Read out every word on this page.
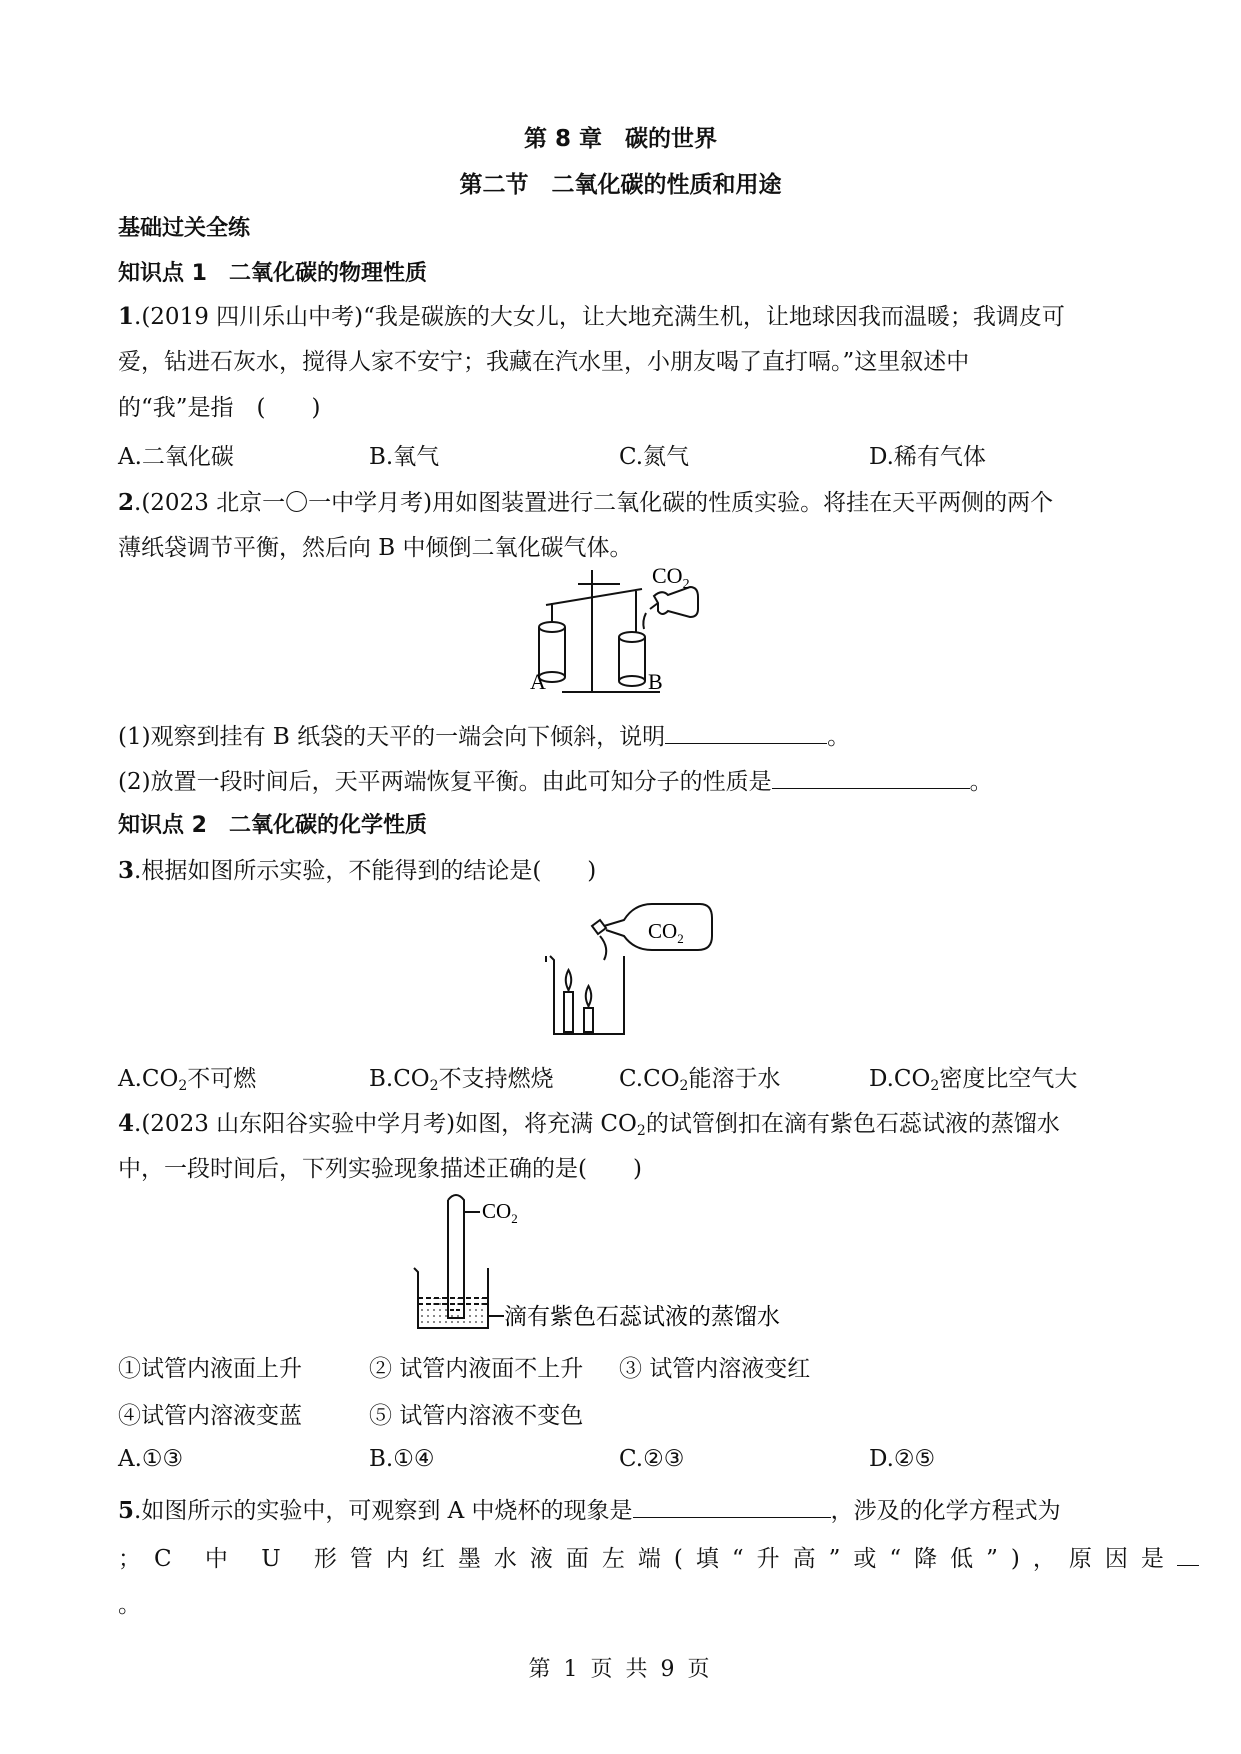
第 8 章　碳的世界
第二节　二氧化碳的性质和用途
基础过关全练
知识点 1　二氧化碳的物理性质
1.(2019 四川乐山中考)“我是碳族的大女儿，让大地充满生机，让地球因我而温暖；我调皮可
爱，钻进石灰水，搅得人家不安宁；我藏在汽水里，小朋友喝了直打嗝。”这里叙述中
的“我”是指　(　　)
A.二氧化碳	B.氧气	C.氮气	D.稀有气体
2.(2023 北京一〇一中学月考)用如图装置进行二氧化碳的性质实验。将挂在天平两侧的两个
薄纸袋调节平衡，然后向 B 中倾倒二氧化碳气体。
$CO_2$
A	B
(1)观察到挂有 B 纸袋的天平的一端会向下倾斜，说明	。
(2)放置一段时间后，天平两端恢复平衡。由此可知分子的性质是	。
知识点 2　二氧化碳的化学性质
3.根据如图所示实验，不能得到的结论是(　　)
$CO_2$
$A.CO_2$不可燃	$B.CO_2$不支持燃烧	$C.CO_2$能溶于水	$D.CO_2$密度比空气大
4.(2023 山东阳谷实验中学月考)如图，将充满 $CO_2$的试管倒扣在滴有紫色石蕊试液的蒸馏水
中，一段时间后，下列实验现象描述正确的是(　　)
$CO_2$
滴有紫色石蕊试液的蒸馏水
①试管内液面上升	② 试管内液面不上升 ③ 试管内溶液变红
④试管内溶液变蓝	⑤ 试管内溶液不变色
A.①③	B.①④	C.②③	D.②⑤
5.如图所示的实验中，可观察到 A 中烧杯的现象是	，涉及的化学方程式为
；C 中 U 形管内红墨水液面左端(填“升高”或“降低”)，原因是
。
第 1 页 共 9 页
